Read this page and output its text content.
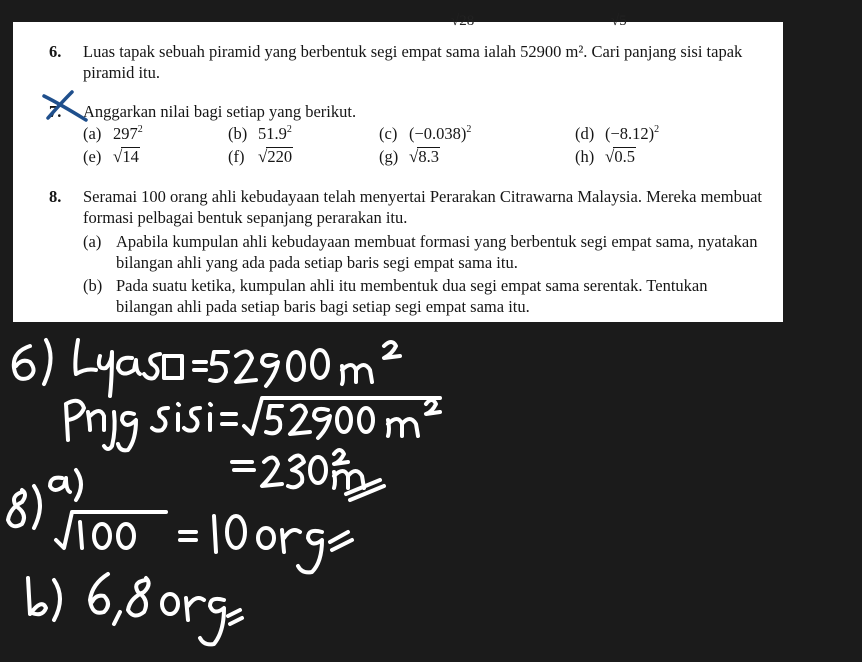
√28	√5
6. Luas tapak sebuah piramid yang berbentuk segi empat sama ialah 52900 m². Cari panjang sisi tapak piramid itu.
7. Anggarkan nilai bagi setiap yang berikut.
(a) $297^2$	(b) 51.9$^2$	(c) $(-0.038)^2$	(d) $(-8.12)^2$
(e) √14	(f) √220	(g) √8.3	(h) √0.5
8. Seramai 100 orang ahli kebudayaan telah menyertai Perarakan Citrawarna Malaysia. Mereka membuat formasi pelbagai bentuk sepanjang perarakan itu.
(a) Apabila kumpulan ahli kebudayaan membuat formasi yang berbentuk segi empat sama, nyatakan bilangan ahli yang ada pada setiap baris segi empat sama itu.
(b) Pada suatu ketika, kumpulan ahli itu membentuk dua segi empat sama serentak. Tentukan bilangan ahli pada setiap baris bagi setiap segi empat sama itu.
